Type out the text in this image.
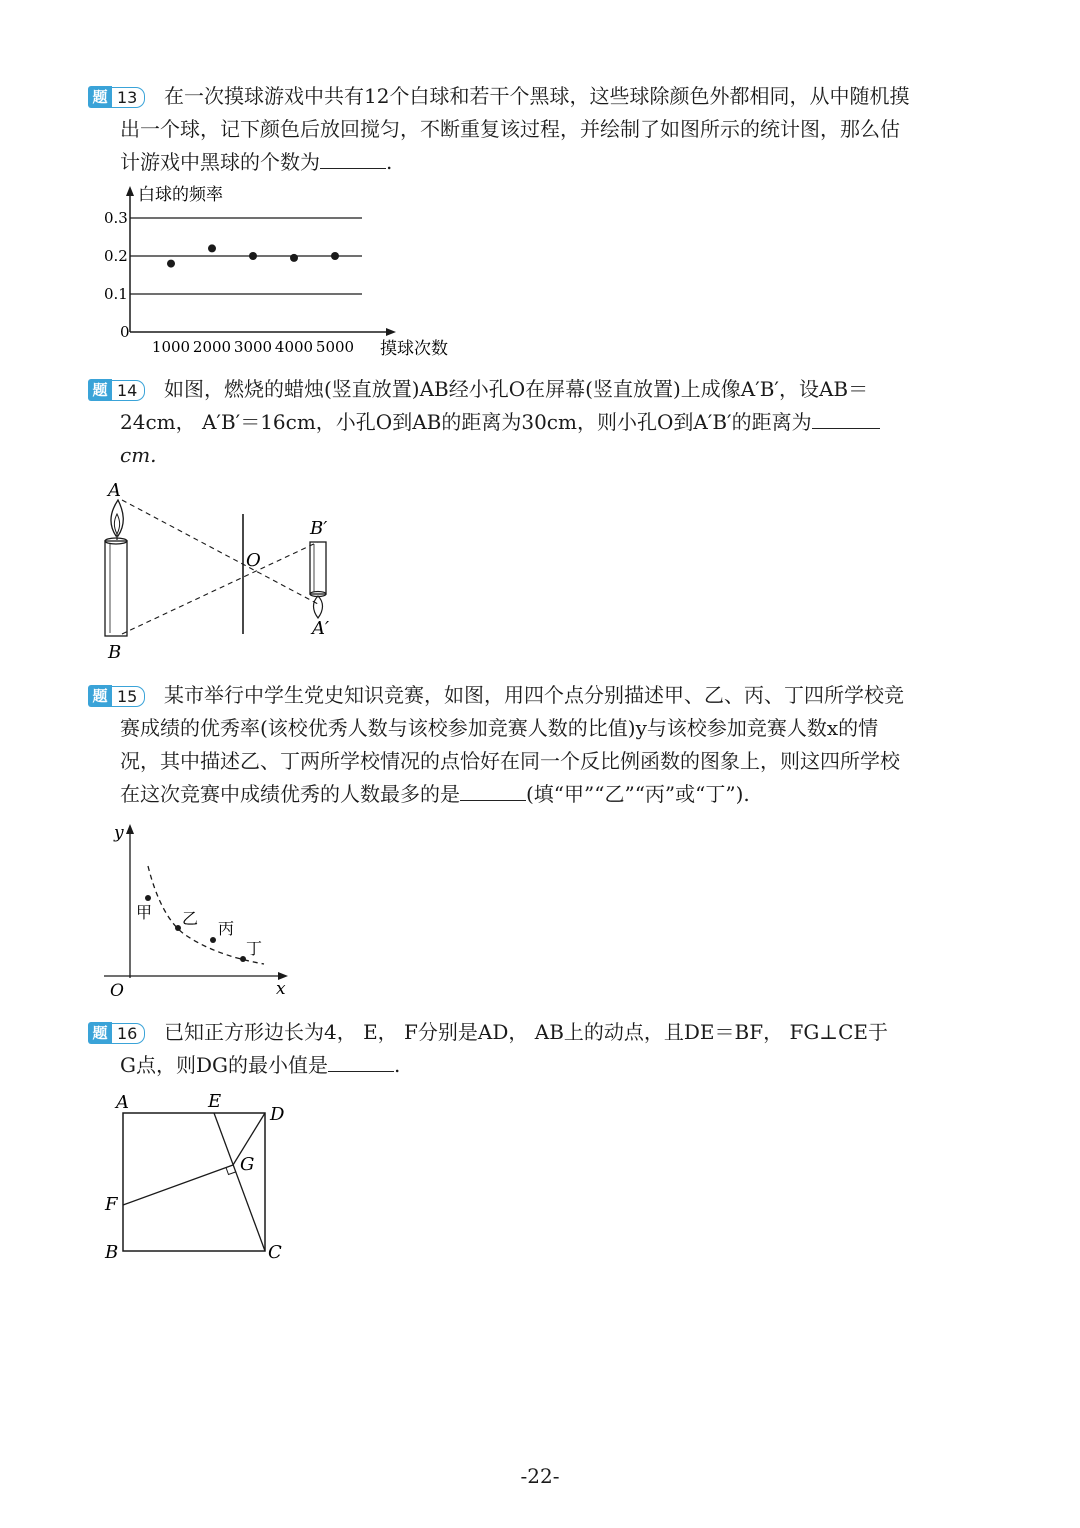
题 13	在一次摸球游戏中共有12个白球和若干个黑球，这些球除颜色外都相同，从中随机摸
出一个球，记下颜色后放回搅匀，不断重复该过程，并绘制了如图所示的统计图，那么估
计游戏中黑球的个数为	.
白球的频率
摸球次数
0
0.3
0.2
0.1
1000 2000 3000 4000 5000
题 14	如图，燃烧的蜡烛(竖直放置)AB经小孔O在屏幕(竖直放置)上成像A′B′，设AB＝
24cm， A′B′＝16cm，小孔O到AB的距离为30cm，则小孔O到A′B′的距离为
cm.
A
B
O
B′
A′
题 15	某市举行中学生党史知识竞赛，如图，用四个点分别描述甲、乙、丙、丁四所学校竞
赛成绩的优秀率(该校优秀人数与该校参加竞赛人数的比值)y与该校参加竞赛人数x的情
况，其中描述乙、丁两所学校情况的点恰好在同一个反比例函数的图象上，则这四所学校
在这次竞赛中成绩优秀的人数最多的是	(填“甲”“乙”“丙”或“丁”).
y
x
O
甲 乙
丙
丁
题 16	已知正方形边长为4， E， F分别是AD， AB上的动点，且DE＝BF， FG⊥CE于
G点，则DG的最小值是	.
A	E
D
G
F
B	C
-22-
